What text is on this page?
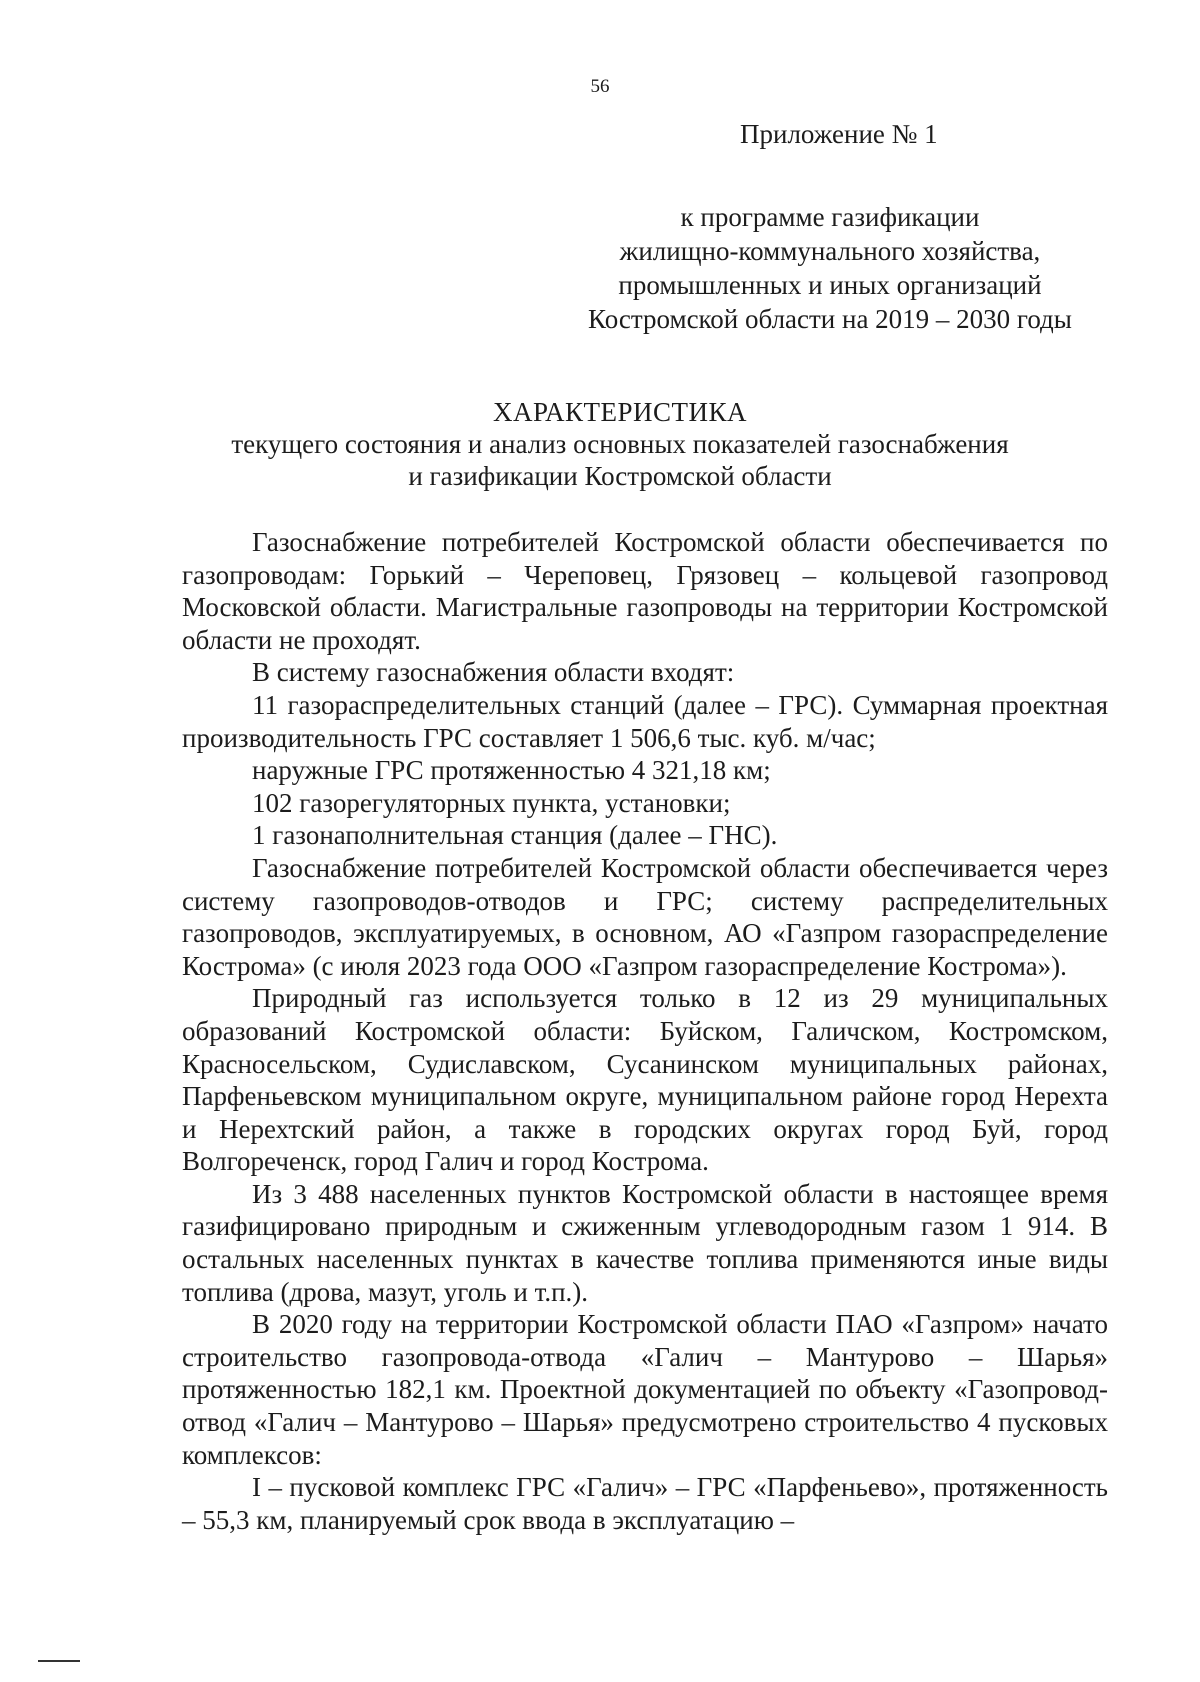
56
Приложение № 1
к программе газификации
жилищно-коммунального хозяйства,
промышленных и иных организаций
Костромской области на 2019 – 2030 годы
ХАРАКТЕРИСТИКА
текущего состояния и анализ основных показателей газоснабжения
и газификации Костромской области

Газоснабжение потребителей Костромской области обеспечивается по газопроводам: Горький – Череповец, Грязовец – кольцевой газопровод Московской области. Магистральные газопроводы на территории Костромской области не проходят.

В систему газоснабжения области входят:

11 газораспределительных станций (далее – ГРС). Суммарная проектная производительность ГРС составляет 1 506,6 тыс. куб. м/час;

наружные ГРС протяженностью 4 321,18 км;

102 газорегуляторных пункта, установки;

1 газонаполнительная станция (далее – ГНС).

Газоснабжение потребителей Костромской области обеспечивается через систему газопроводов-отводов и ГРС; систему распределительных газопроводов, эксплуатируемых, в основном, АО «Газпром газораспределение Кострома» (с июля 2023 года ООО «Газпром газораспределение Кострома»).

Природный газ используется только в 12 из 29 муниципальных образований Костромской области: Буйском, Галичском, Костромском, Красносельском, Судиславском, Сусанинском муниципальных районах, Парфеньевском муниципальном округе, муниципальном районе город Нерехта и Нерехтский район, а также в городских округах город Буй, город Волгореченск, город Галич и город Кострома.

Из 3 488 населенных пунктов Костромской области в настоящее время газифицировано природным и сжиженным углеводородным газом 1 914. В остальных населенных пунктах в качестве топлива применяются иные виды топлива (дрова, мазут, уголь и т.п.).

В 2020 году на территории Костромской области ПАО «Газпром» начато строительство газопровода-отвода «Галич – Мантурово – Шарья» протяженностью 182,1 км. Проектной документацией по объекту «Газопровод-отвод «Галич – Мантурово – Шарья» предусмотрено строительство 4 пусковых комплексов:

I – пусковой комплекс ГРС «Галич» – ГРС «Парфеньево», протяженность – 55,3 км, планируемый срок ввода в эксплуатацию –
